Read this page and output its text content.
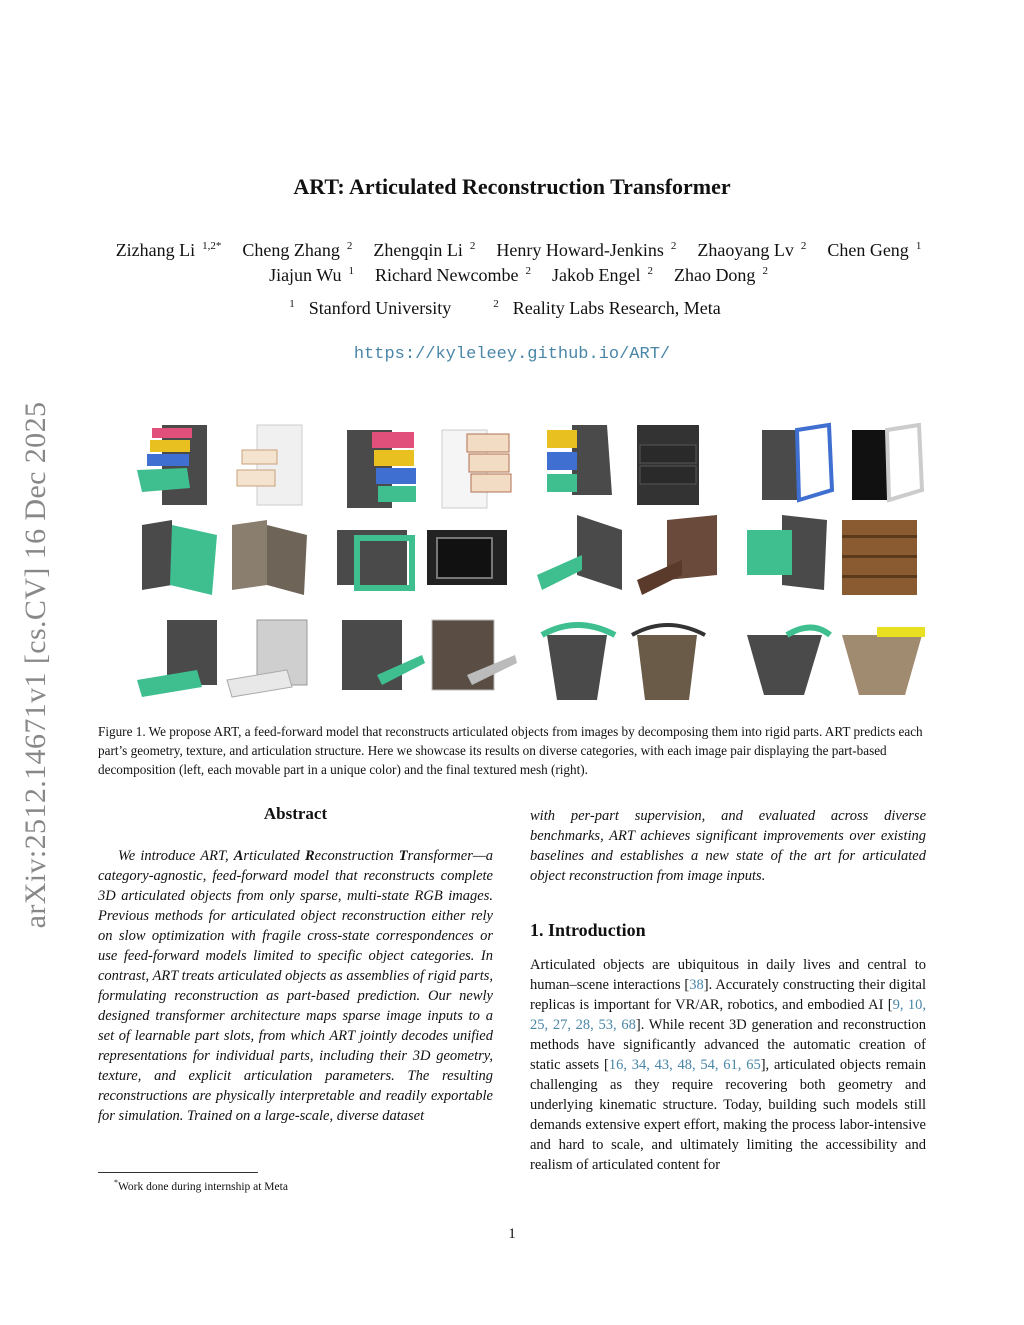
arXiv:2512.14671v1 [cs.CV] 16 Dec 2025
ART: Articulated Reconstruction Transformer
Zizhang Li $^{1,2*}$ Cheng Zhang $^2$ Zhengqin Li $^2$ Henry Howard-Jenkins $^2$ Zhaoyang Lv $^2$ Chen Geng $^1$
Jiajun Wu $^1$ Richard Newcombe $^2$ Jakob Engel $^2$ Zhao Dong $^2$
$^1$ Stanford University	$^2$ Reality Labs Research, Meta
https://kyleleey.github.io/ART/
Figure 1. We propose ART, a feed-forward model that reconstructs articulated objects from images by decomposing them into rigid parts. ART predicts each part’s geometry, texture, and articulation structure. Here we showcase its results on diverse categories, with each image pair displaying the part-based decomposition (left, each movable part in a unique color) and the final textured mesh (right).
Abstract
We introduce ART, Articulated Reconstruction Transformer—a category-agnostic, feed-forward model that reconstructs complete 3D articulated objects from only sparse, multi-state RGB images. Previous methods for articulated object reconstruction either rely on slow optimization with fragile cross-state correspondences or use feed-forward models limited to specific object categories. In contrast, ART treats articulated objects as assemblies of rigid parts, formulating reconstruction as part-based prediction. Our newly designed transformer architecture maps sparse image inputs to a set of learnable part slots, from which ART jointly decodes unified representations for individual parts, including their 3D geometry, texture, and explicit articulation parameters. The resulting reconstructions are physically interpretable and readily exportable for simulation. Trained on a large-scale, diverse dataset
*Work done during internship at Meta
with per-part supervision, and evaluated across diverse benchmarks, ART achieves significant improvements over existing baselines and establishes a new state of the art for articulated object reconstruction from image inputs.
1. Introduction
Articulated objects are ubiquitous in daily lives and central to human–scene interactions [38]. Accurately constructing their digital replicas is important for VR/AR, robotics, and embodied AI [9, 10, 25, 27, 28, 53, 68]. While recent 3D generation and reconstruction methods have significantly advanced the automatic creation of static assets [16, 34, 43, 48, 54, 61, 65], articulated objects remain challenging as they require recovering both geometry and underlying kinematic structure. Today, building such models still demands extensive expert effort, making the process labor-intensive and hard to scale, and ultimately limiting the accessibility and realism of articulated content for
1
